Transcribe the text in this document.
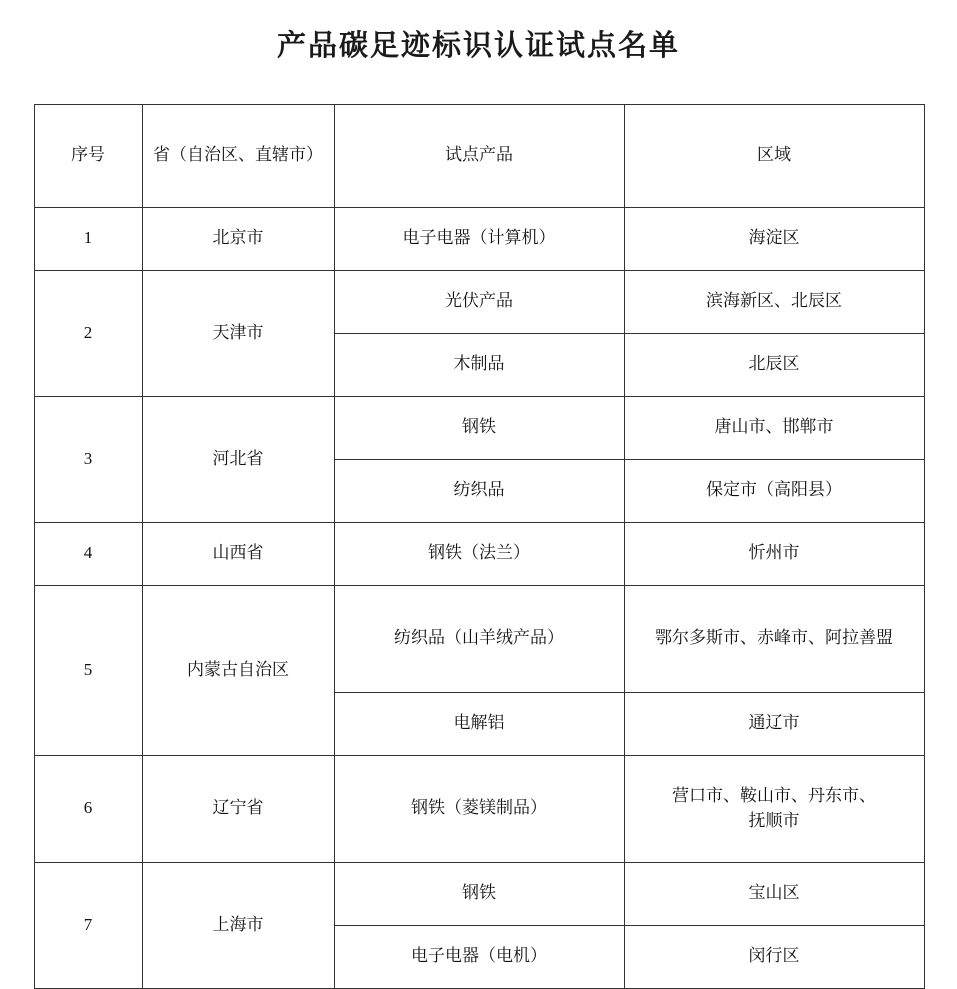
产品碳足迹标识认证试点名单
序号	省（自治区、直辖市）	试点产品	区域
1	北京市	电子电器（计算机）	海淀区
2	天津市	光伏产品	滨海新区、北辰区
		木制品	北辰区
3	河北省	钢铁	唐山市、邯郸市
		纺织品	保定市（高阳县）
4	山西省	钢铁（法兰）	忻州市
5	内蒙古自治区	纺织品（山羊绒产品）	鄂尔多斯市、赤峰市、阿拉善盟
		电解铝	通辽市
6	辽宁省	钢铁（菱镁制品）	营口市、鞍山市、丹东市、抚顺市
7	上海市	钢铁	宝山区
		电子电器（电机）	闵行区
